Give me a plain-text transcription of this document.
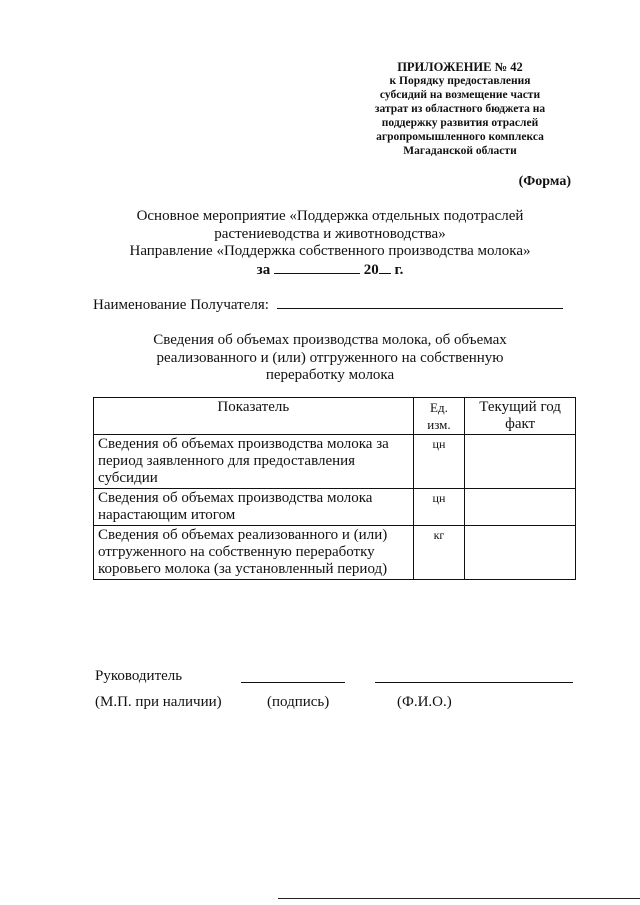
ПРИЛОЖЕНИЕ № 42
к Порядку предоставления
субсидий на возмещение части
затрат из областного бюджета на
поддержку развития отраслей
агропромышленного комплекса
Магаданской области
(Форма)
Основное мероприятие «Поддержка отдельных подотраслей
растениеводства и животноводства»
Направление «Поддержка собственного производства молока»
за	20 г.
Наименование Получателя:
Сведения об объемах производства молока, об объемах
реализованного и (или) отгруженного на собственную
переработку молока
Показатель	Ед. изм.	Текущий год факт
Сведения об объемах производства молока за период заявленного для предоставления субсидии	цн	
Сведения об объемах производства молока нарастающим итогом	цн	
Сведения об объемах реализованного и (или) отгруженного на собственную переработку коровьего молока (за установленный период)	кг	
Руководитель
(М.П. при наличии)	(подпись)	(Ф.И.О.)
